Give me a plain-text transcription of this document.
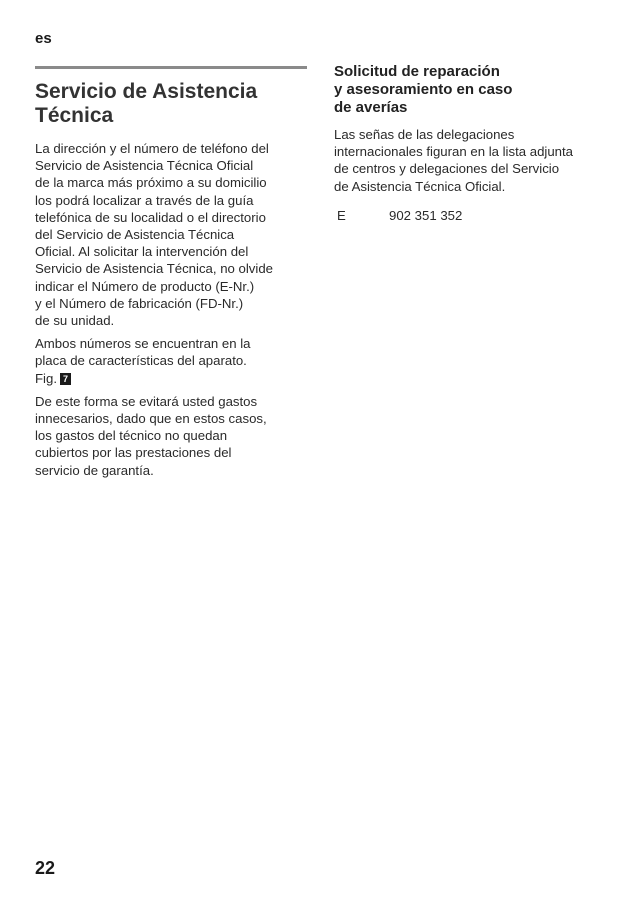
es
Servicio de Asistencia
Técnica
La dirección y el número de teléfono del
Servicio de Asistencia Técnica Oficial
de la marca más próximo a su domicilio
los podrá localizar a través de la guía
telefónica de su localidad o el directorio
del Servicio de Asistencia Técnica
Oficial. Al solicitar la intervención del
Servicio de Asistencia Técnica, no olvide
indicar el Número de producto (E-Nr.)
y el Número de fabricación (FD-Nr.)
de su unidad.
Ambos números se encuentran en la
placa de características del aparato.
Fig. 7
De este forma se evitará usted gastos
innecesarios, dado que en estos casos,
los gastos del técnico no quedan
cubiertos por las prestaciones del
servicio de garantía.
Solicitud de reparación
y asesoramiento en caso
de averías
Las señas de las delegaciones
internacionales figuran en la lista adjunta
de centros y delegaciones del Servicio
de Asistencia Técnica Oficial.
E	902 351 352
22
